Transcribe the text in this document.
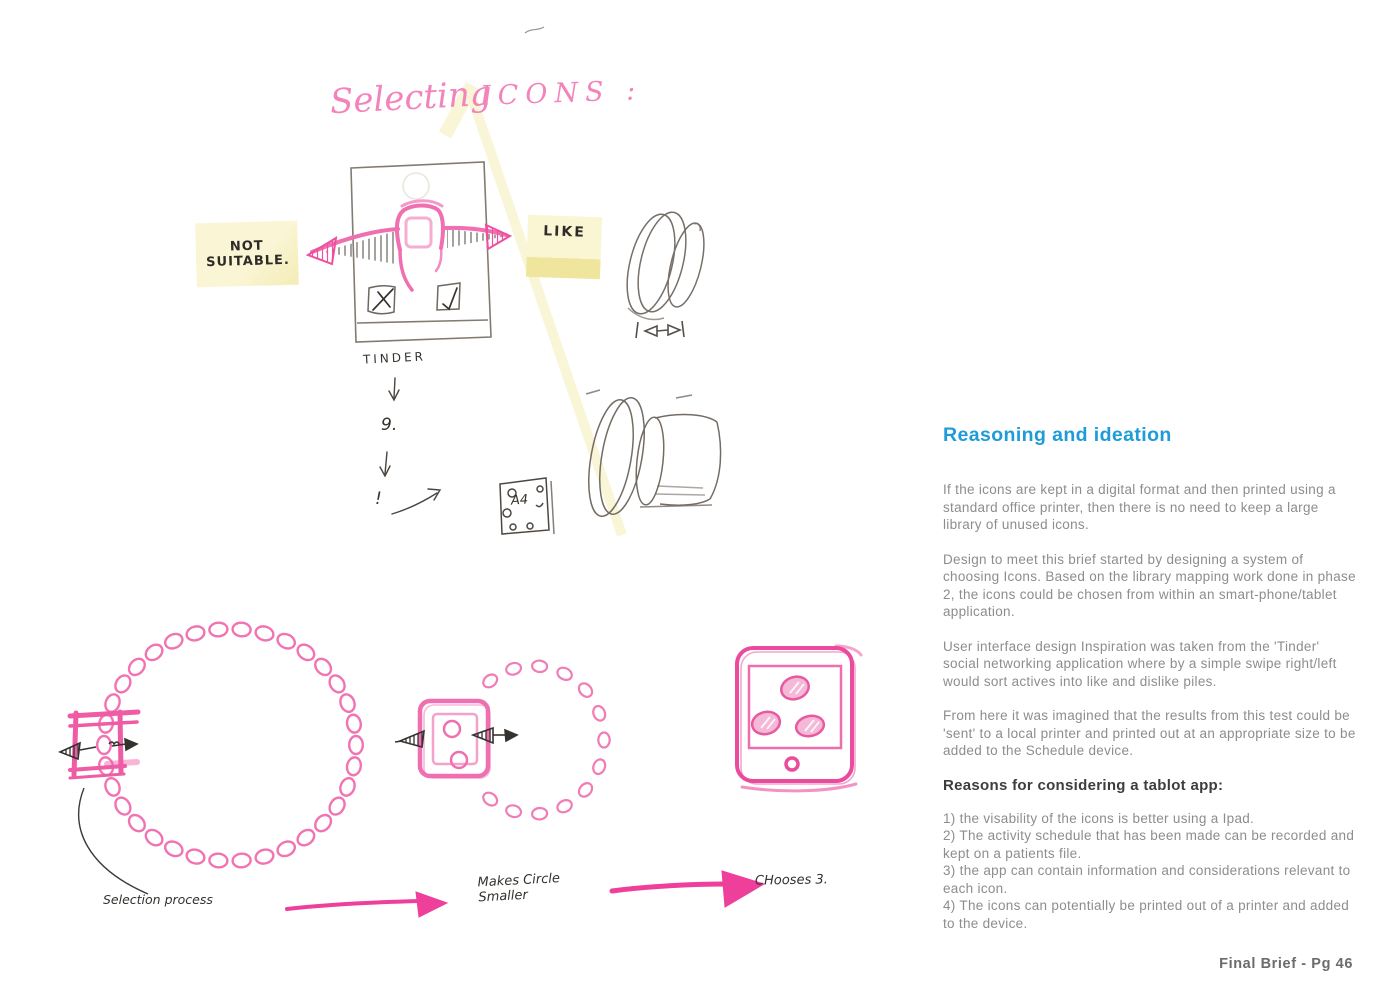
Selecting
ICONS :
NOT SUITABLE.
LIKE
TINDER
9.
!	A4
Selection process
Makes Circle Smaller
CHooses 3.
Reasoning and ideation

If the icons are kept in a digital format and then printed using a standard office printer, then there is no need to keep a large library of unused icons.

Design to meet this brief started by designing a system of choosing Icons. Based on the library mapping work done in phase 2, the icons could be chosen from within an smart-phone/tablet application.

User interface design Inspiration was taken from the 'Tinder' social networking application where by a simple swipe right/left would sort actives into like and dislike piles.

From here it was imagined that the results from this test could be 'sent' to a local printer and printed out at an appropriate size to be added to the Schedule device.

Reasons for considering a tablot app:
1) the visability of the icons is better using a Ipad.
2) The activity schedule that has been made can be recorded and kept on a patients file.
3) the app can contain information and considerations relevant to each icon.
4) The icons can potentially be printed out of a printer and added to the device.
Final Brief - Pg 46
